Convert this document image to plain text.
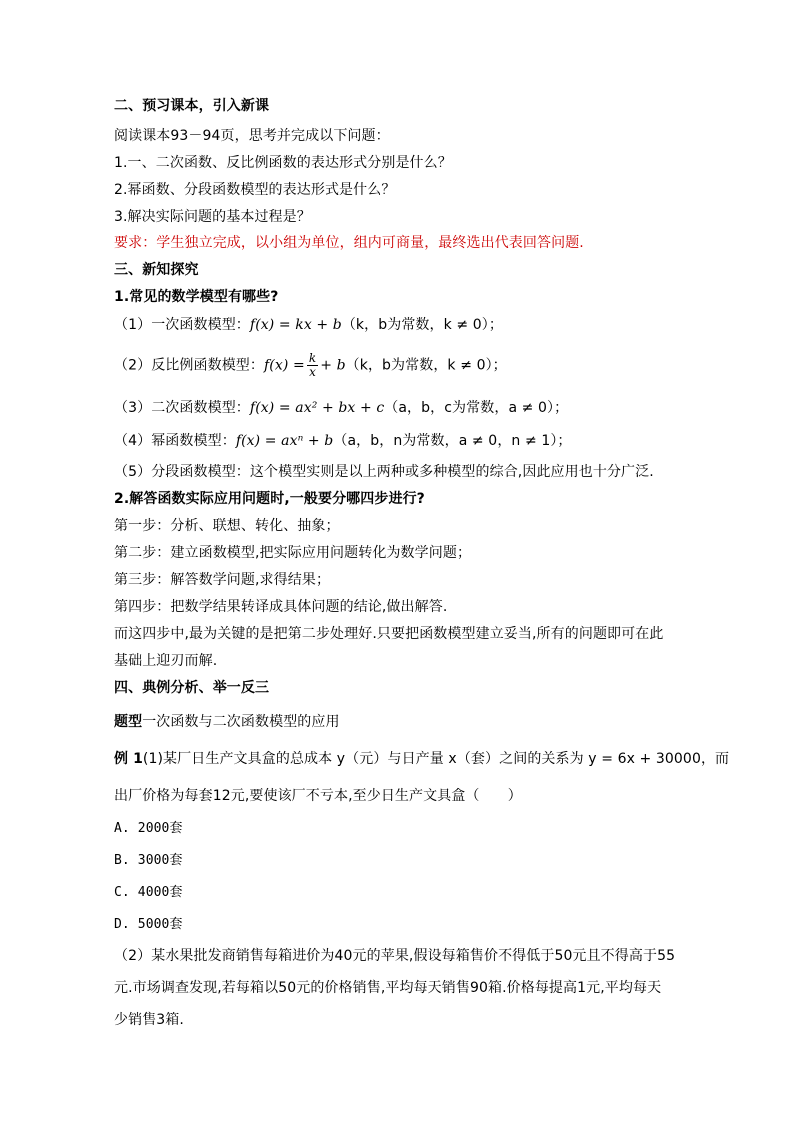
二、预习课本，引入新课
阅读课本93－94页，思考并完成以下问题：
1.一、二次函数、反比例函数的表达形式分别是什么？
2.幂函数、分段函数模型的表达形式是什么？
3.解决实际问题的基本过程是？
要求：学生独立完成，以小组为单位，组内可商量，最终选出代表回答问题.
三、新知探究
1.常见的数学模型有哪些?
（1）一次函数模型：f(x) = kx + b（k，b为常数，k ≠ 0）；
（2）反比例函数模型：$f(x) = \frac{k}{x} + b(k$，b为常数，k ≠ 0）；
（3）二次函数模型：f(x) = ax² + bx + c（a，b，c为常数，a ≠ 0）；
（4）幂函数模型：f(x) = axⁿ + b（a，b，n为常数，a ≠ 0，n ≠ 1）；
（5）分段函数模型：这个模型实则是以上两种或多种模型的综合,因此应用也十分广泛.
2.解答函数实际应用问题时,一般要分哪四步进行?
第一步：分析、联想、转化、抽象；
第二步：建立函数模型,把实际应用问题转化为数学问题；
第三步：解答数学问题,求得结果；
第四步：把数学结果转译成具体问题的结论,做出解答.
而这四步中,最为关键的是把第二步处理好.只要把函数模型建立妥当,所有的问题即可在此
基础上迎刃而解.
四、典例分析、举一反三
题型一次函数与二次函数模型的应用
例 1(1)某厂日生产文具盒的总成本 y（元）与日产量 x（套）之间的关系为 y = 6x + 30000，而
出厂价格为每套12元,要使该厂不亏本,至少日生产文具盒（　　）
A. 2000套
B. 3000套
C. 4000套
D. 5000套
（2）某水果批发商销售每箱进价为40元的苹果,假设每箱售价不得低于50元且不得高于55
元.市场调查发现,若每箱以50元的价格销售,平均每天销售90箱.价格每提高1元,平均每天
少销售3箱.
